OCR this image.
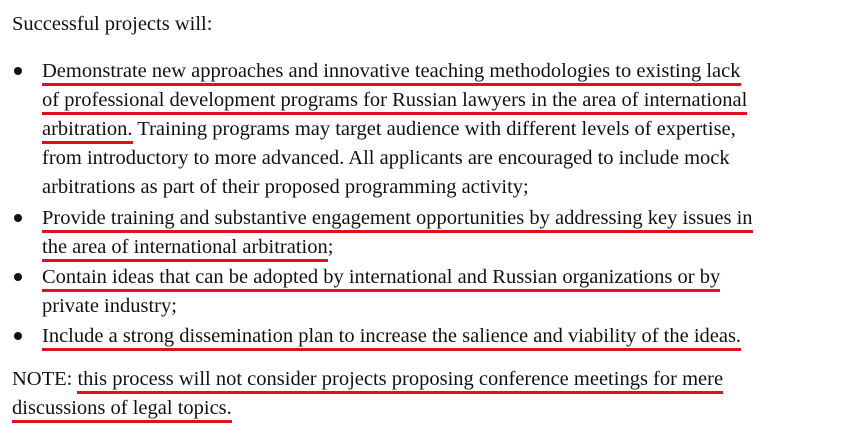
Successful projects will:
Demonstrate new approaches and innovative teaching methodologies to existing lack
of professional development programs for Russian lawyers in the area of international
arbitration. Training programs may target audience with different levels of expertise,
from introductory to more advanced. All applicants are encouraged to include mock
arbitrations as part of their proposed programming activity;
Provide training and substantive engagement opportunities by addressing key issues in
the area of international arbitration;
Contain ideas that can be adopted by international and Russian organizations or by
private industry;
Include a strong dissemination plan to increase the salience and viability of the ideas.
NOTE: this process will not consider projects proposing conference meetings for mere
discussions of legal topics.
